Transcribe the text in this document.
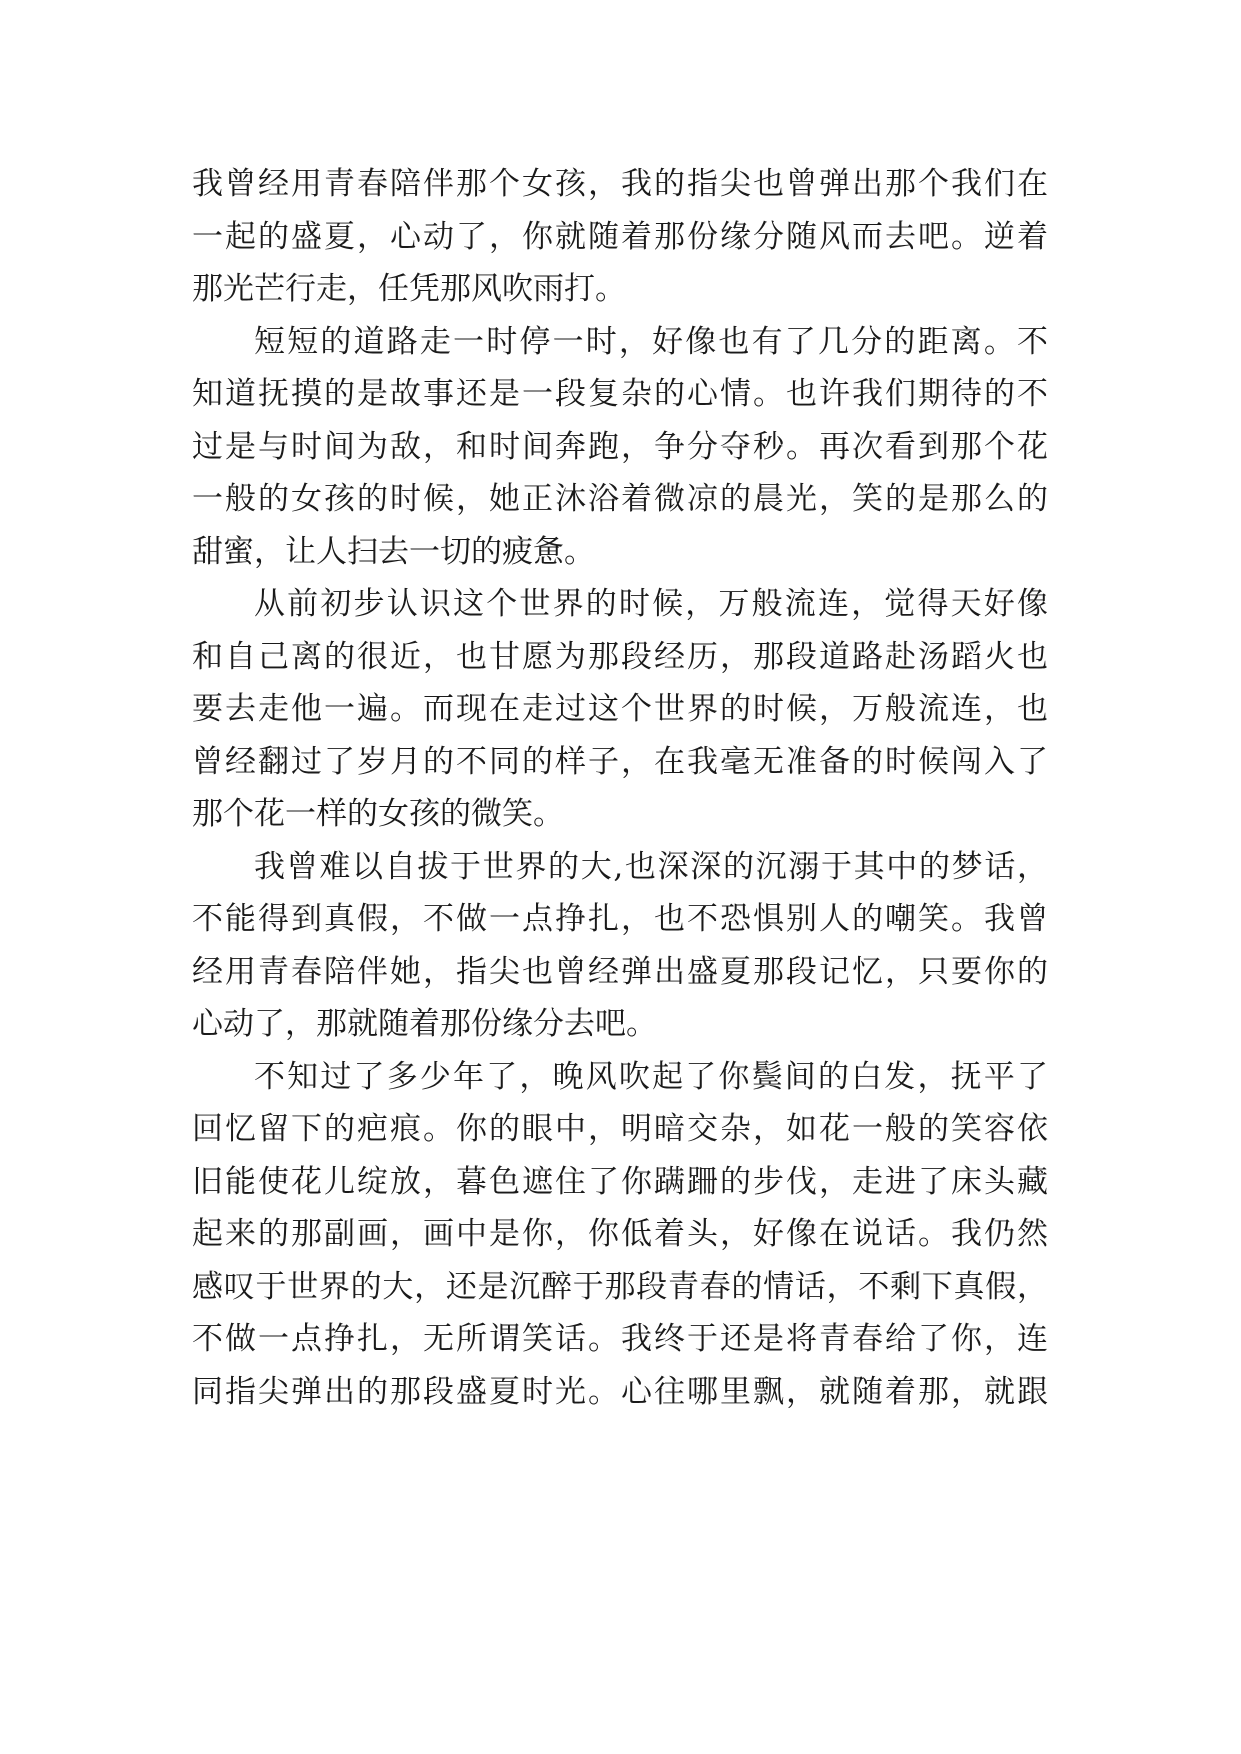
我曾经用青春陪伴那个女孩，我的指尖也曾弹出那个我们在
一起的盛夏，心动了，你就随着那份缘分随风而去吧。逆着
那光芒行走，任凭那风吹雨打。
短短的道路走一时停一时，好像也有了几分的距离。不
知道抚摸的是故事还是一段复杂的心情。也许我们期待的不
过是与时间为敌，和时间奔跑，争分夺秒。再次看到那个花
一般的女孩的时候，她正沐浴着微凉的晨光，笑的是那么的
甜蜜，让人扫去一切的疲惫。
从前初步认识这个世界的时候，万般流连，觉得天好像
和自己离的很近，也甘愿为那段经历，那段道路赴汤蹈火也
要去走他一遍。而现在走过这个世界的时候，万般流连，也
曾经翻过了岁月的不同的样子，在我毫无准备的时候闯入了
那个花一样的女孩的微笑。
我曾难以自拔于世界的大,也深深的沉溺于其中的梦话，
不能得到真假，不做一点挣扎，也不恐惧别人的嘲笑。我曾
经用青春陪伴她，指尖也曾经弹出盛夏那段记忆，只要你的
心动了，那就随着那份缘分去吧。
不知过了多少年了，晚风吹起了你鬓间的白发，抚平了
回忆留下的疤痕。你的眼中，明暗交杂，如花一般的笑容依
旧能使花儿绽放，暮色遮住了你蹒跚的步伐，走进了床头藏
起来的那副画，画中是你，你低着头，好像在说话。我仍然
感叹于世界的大，还是沉醉于那段青春的情话，不剩下真假，
不做一点挣扎，无所谓笑话。我终于还是将青春给了你，连
同指尖弹出的那段盛夏时光。心往哪里飘，就随着那，就跟
